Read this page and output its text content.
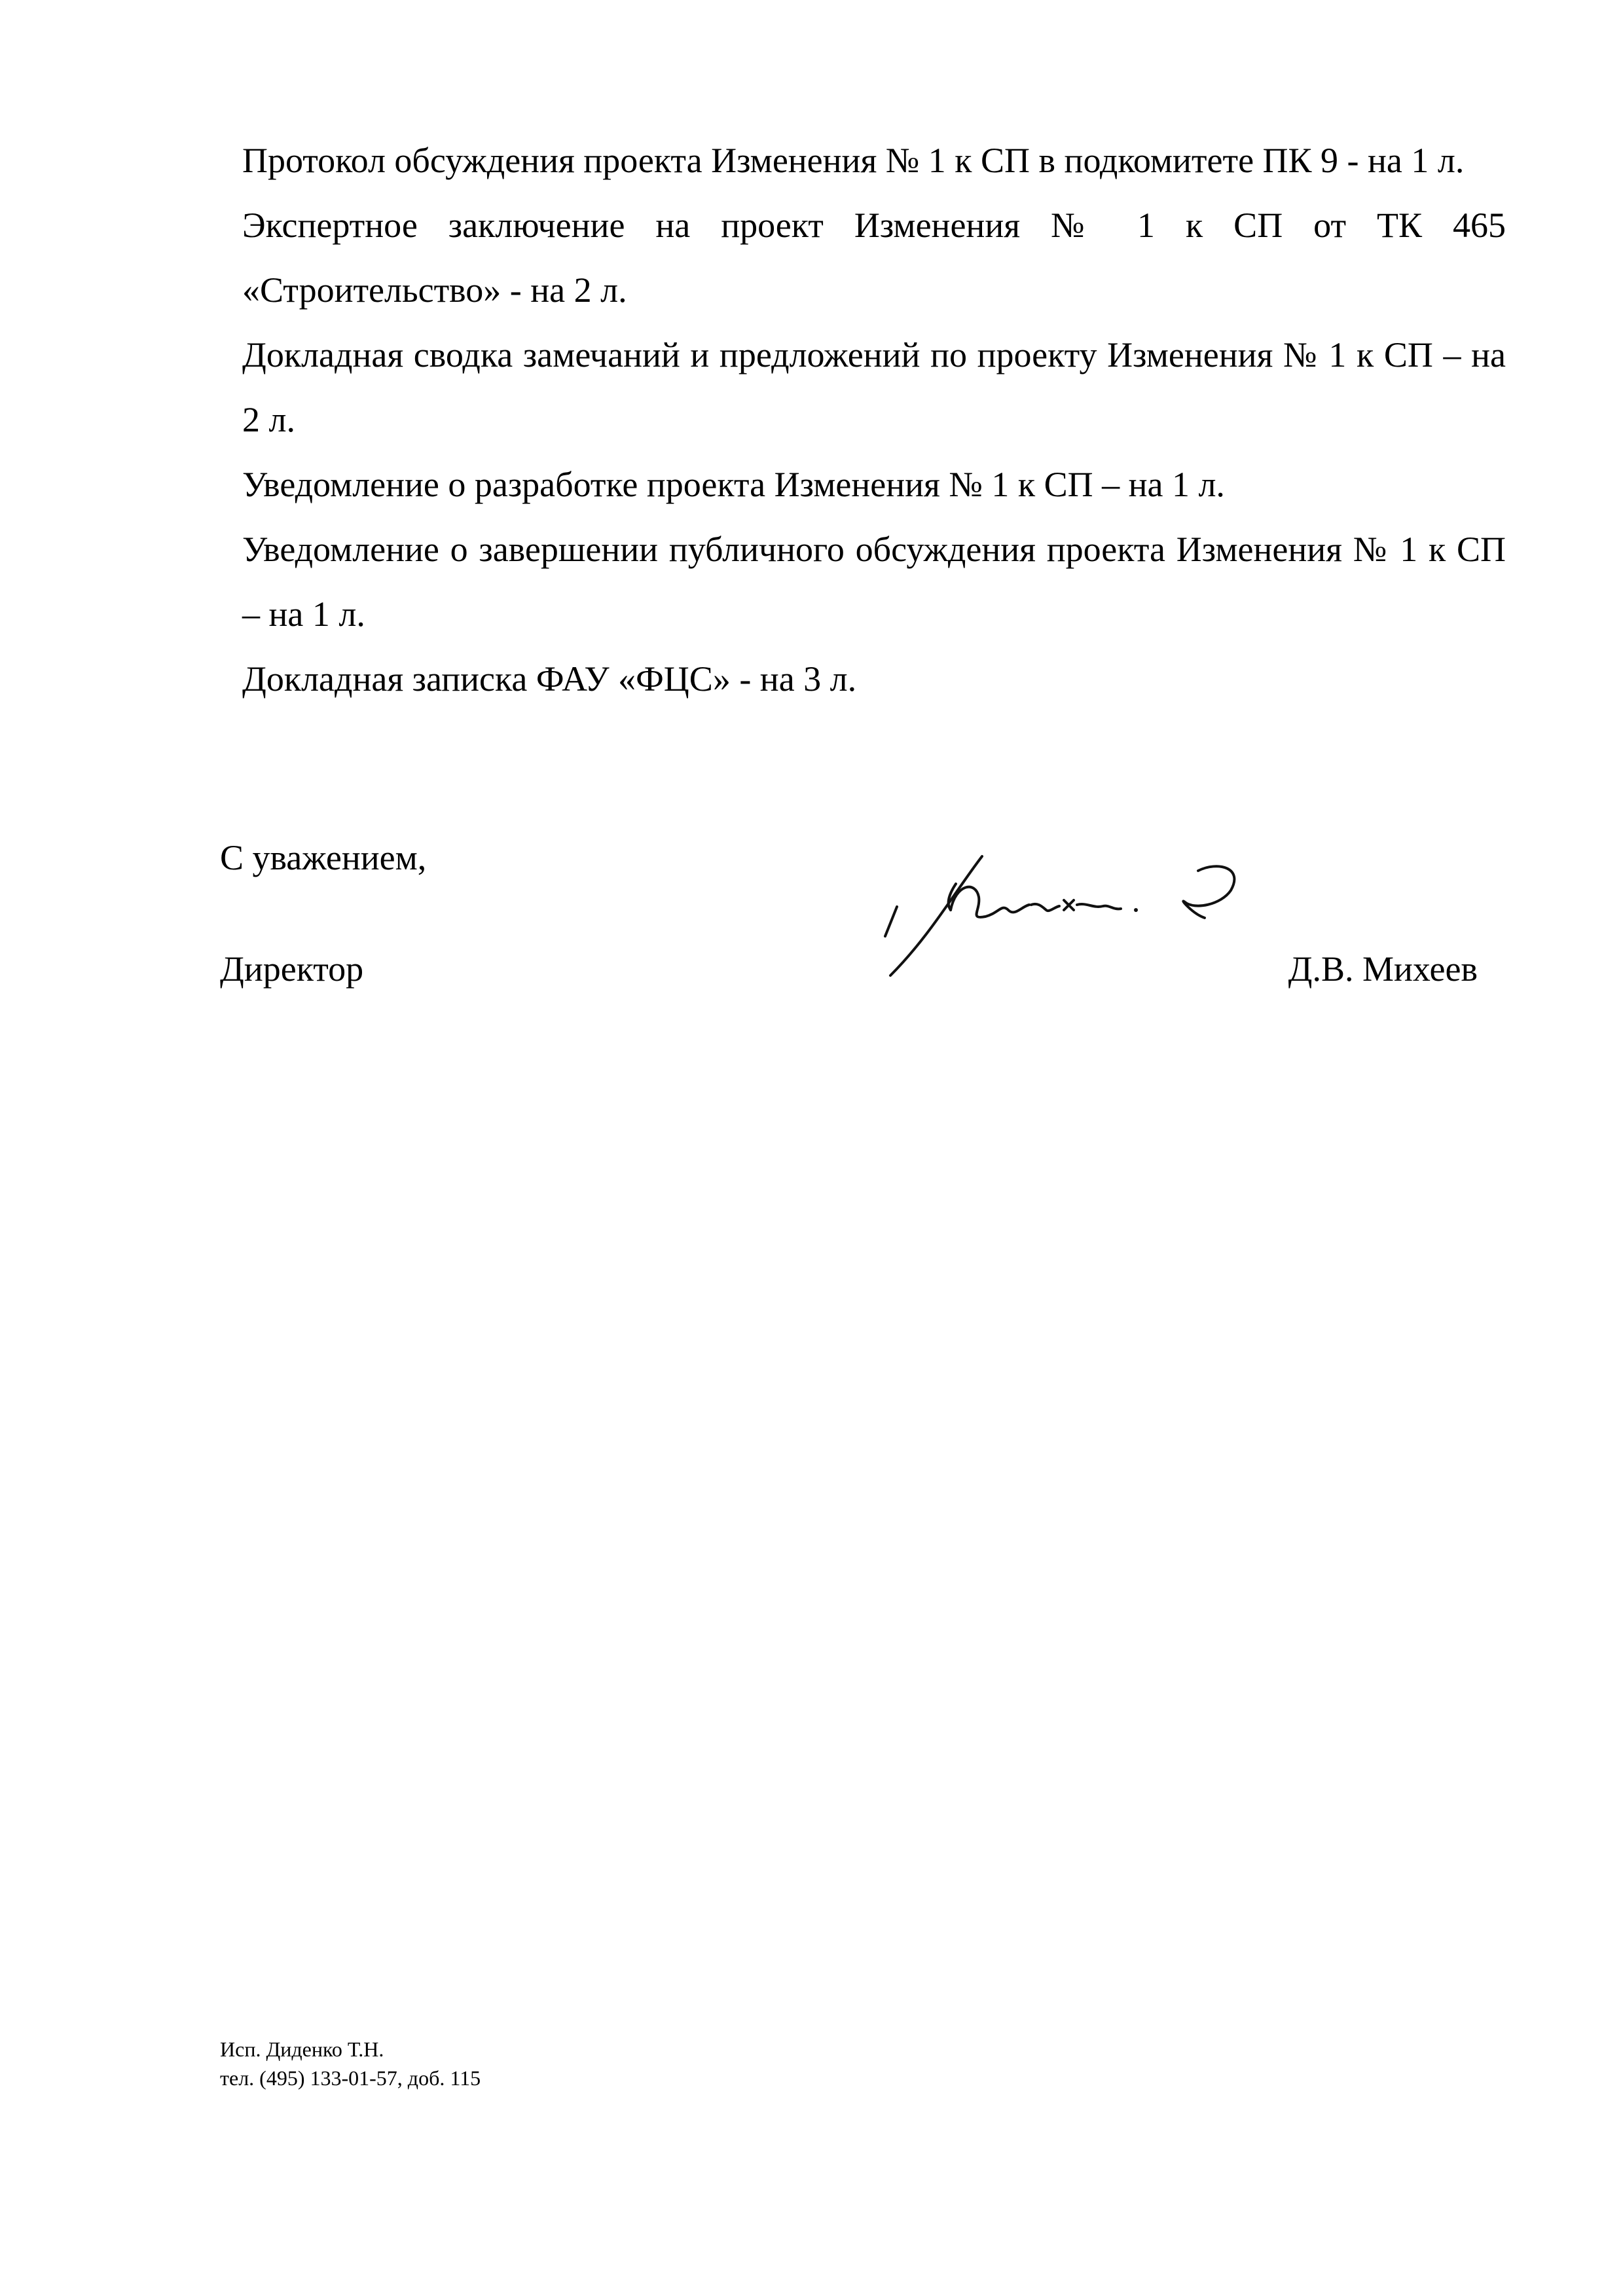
Протокол обсуждения проекта Изменения № 1 к СП в подкомитете ПК 9 - на 1 л.
Экспертное заключение на проект Изменения № 1 к СП от ТК 465 «Строительство» - на 2 л.
Докладная сводка замечаний и предложений по проекту Изменения № 1 к СП – на 2 л.
Уведомление о разработке проекта Изменения № 1 к СП – на 1 л.
Уведомление о завершении публичного обсуждения проекта Изменения № 1 к СП – на 1 л.
Докладная записка ФАУ «ФЦС» - на 3 л.

С уважением,

Директор

Михеев

Д.В. Михеев

Исп. Диденко Т.Н.
тел. (495) 133-01-57, доб. 115
